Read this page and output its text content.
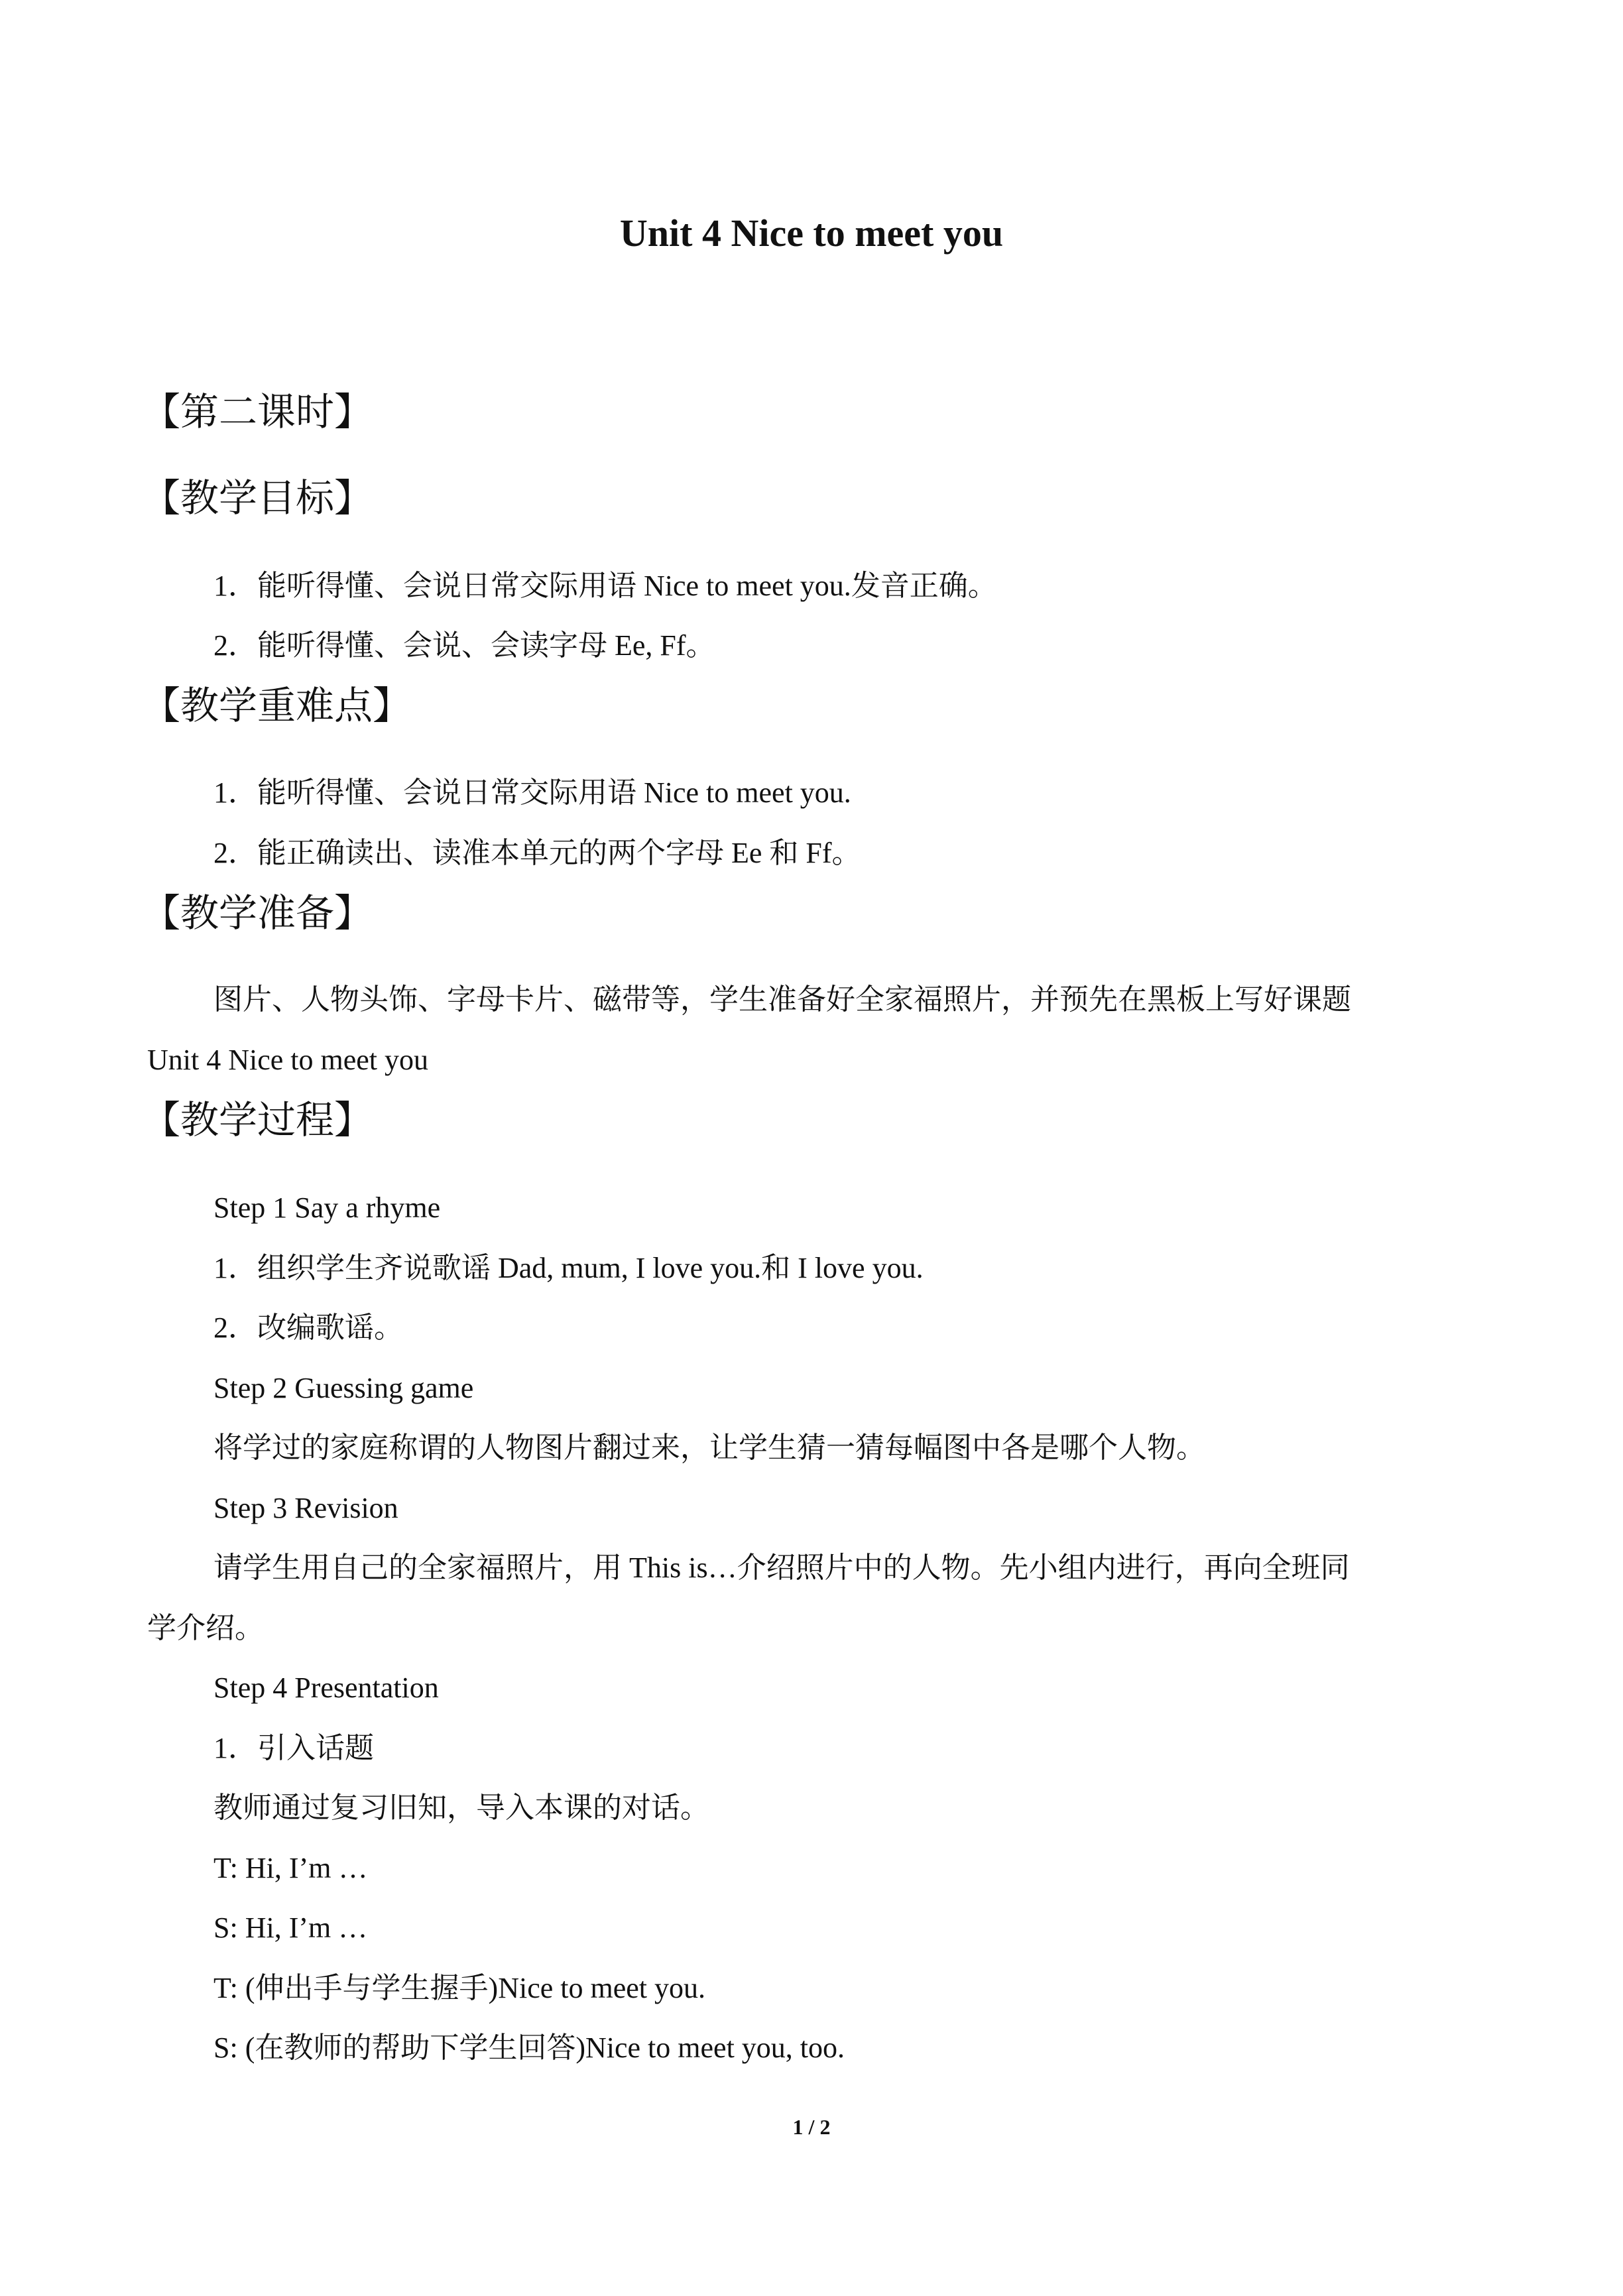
Unit 4 Nice to meet you
【第二课时】
【教学目标】
1．能听得懂、会说日常交际用语 Nice to meet you.发音正确。
2．能听得懂、会说、会读字母 Ee, Ff。
【教学重难点】
1．能听得懂、会说日常交际用语 Nice to meet you.
2．能正确读出、读准本单元的两个字母 Ee 和 Ff。
【教学准备】
图片、人物头饰、字母卡片、磁带等，学生准备好全家福照片，并预先在黑板上写好课题
Unit 4 Nice to meet you
【教学过程】
Step 1 Say a rhyme
1．组织学生齐说歌谣 Dad, mum, I love you.和 I love you.
2．改编歌谣。
Step 2 Guessing game
将学过的家庭称谓的人物图片翻过来，让学生猜一猜每幅图中各是哪个人物。
Step 3 Revision
请学生用自己的全家福照片，用 This is…介绍照片中的人物。先小组内进行，再向全班同
学介绍。
Step 4 Presentation
1．引入话题
教师通过复习旧知，导入本课的对话。
T: Hi, I’m …
S: Hi, I’m …
T: (伸出手与学生握手)Nice to meet you.
S: (在教师的帮助下学生回答)Nice to meet you, too.
1 / 2
